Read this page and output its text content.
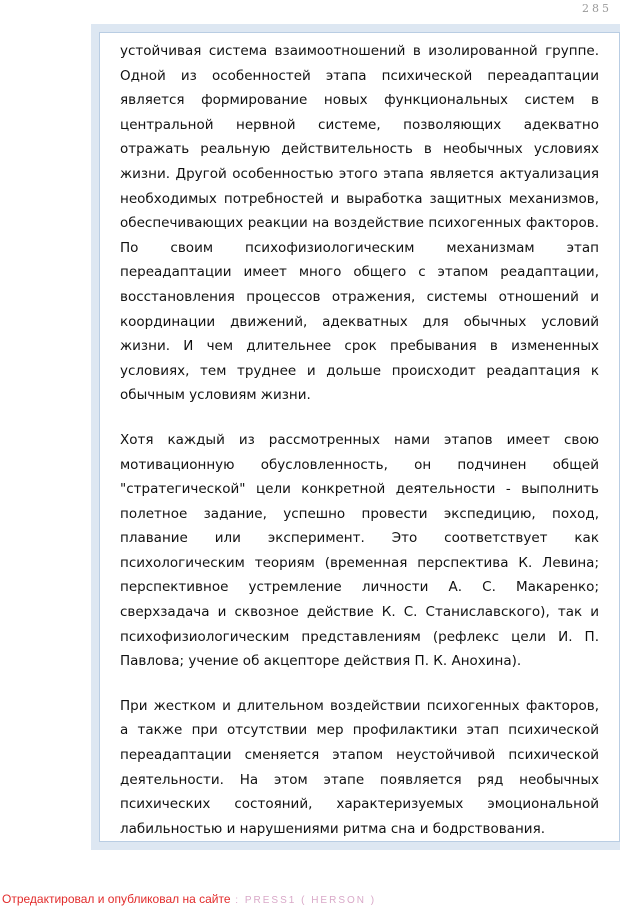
285

устойчивая система взаимоотношений в изолированной группе. Одной из особенностей этапа психической переадаптации является формирование новых функциональных систем в центральной нервной системе, позволяющих адекватно отражать реальную действительность в необычных условиях жизни. Другой особенностью этого этапа является актуализация необходимых потребностей и выработка защитных механизмов, обеспечивающих реакции на воздействие психогенных факторов. По своим психофизиологическим механизмам этап переадаптации имеет много общего с этапом реадаптации, восстановления процессов отражения, системы отношений и координации движений, адекватных для обычных условий жизни. И чем длительнее срок пребывания в измененных условиях, тем труднее и дольше происходит реадаптация к обычным условиям жизни.

Хотя каждый из рассмотренных нами этапов имеет свою мотивационную обусловленность, он подчинен общей "стратегической" цели конкретной деятельности - выполнить полетное задание, успешно провести экспедицию, поход, плавание или эксперимент. Это соответствует как психологическим теориям (временная перспектива К. Левина; перспективное устремление личности А. С. Макаренко; сверхзадача и сквозное действие К. С. Станиславского), так и психофизиологическим представлениям (рефлекс цели И. П. Павлова; учение об акцепторе действия П. К. Анохина).

При жестком и длительном воздействии психогенных факторов, а также при отсутствии мер профилактики этап психической переадаптации сменяется этапом неустойчивой психической деятельности. На этом этапе появляется ряд необычных психических состояний, характеризуемых эмоциональной лабильностью и нарушениями ритма сна и бодрствования.

Отредактировал и опубликовал на сайте : PRESS1 ( HERSON )
